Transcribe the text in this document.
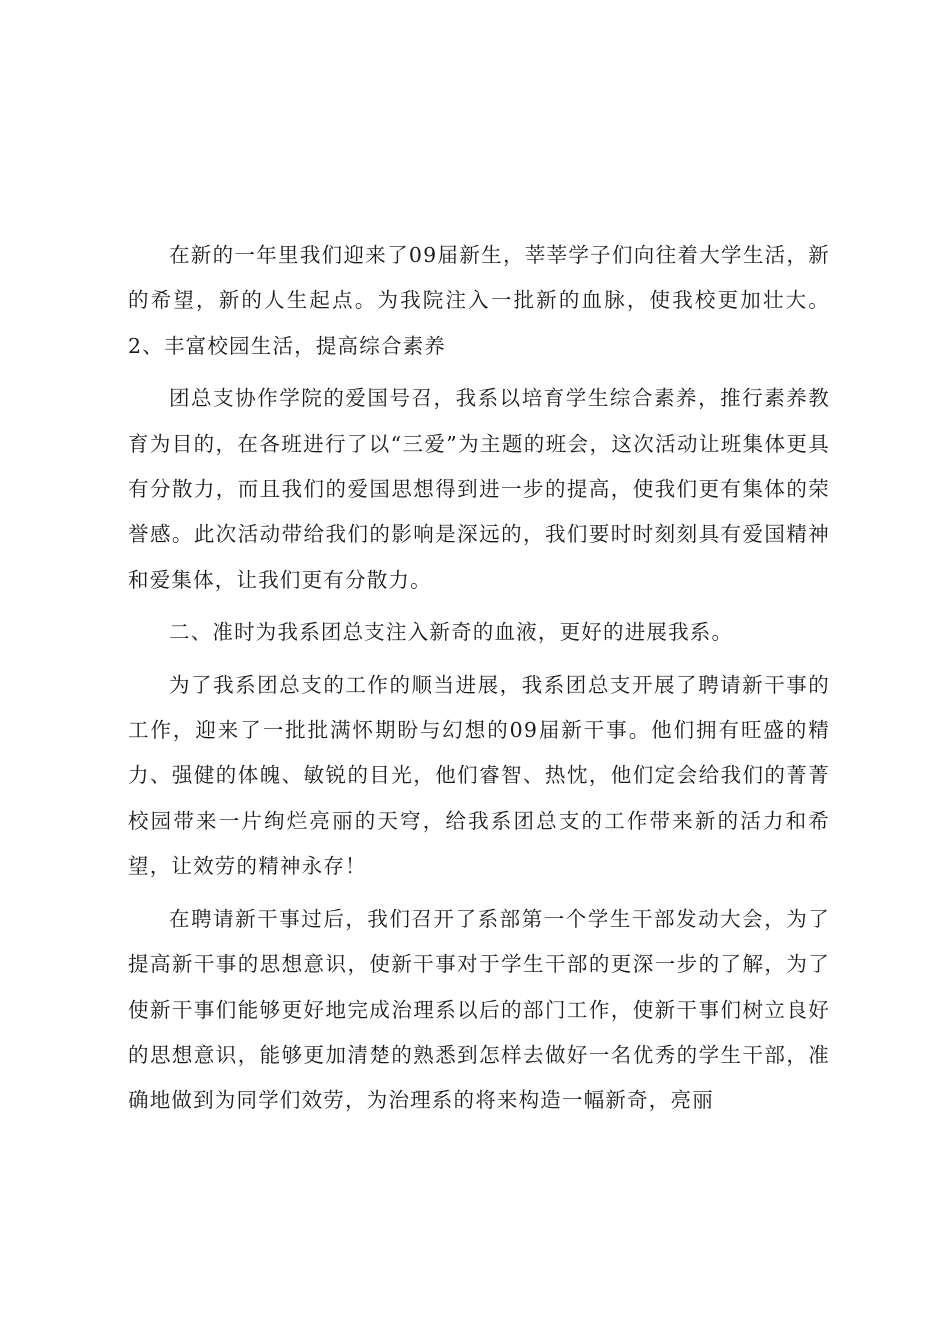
在新的一年里我们迎来了09届新生，莘莘学子们向往着大学生活，新的希望，新的人生起点。为我院注入一批新的血脉，使我校更加壮大。2、丰富校园生活，提高综合素养

团总支协作学院的爱国号召，我系以培育学生综合素养，推行素养教育为目的，在各班进行了以“三爱”为主题的班会，这次活动让班集体更具有分散力，而且我们的爱国思想得到进一步的提高，使我们更有集体的荣誉感。此次活动带给我们的影响是深远的，我们要时时刻刻具有爱国精神和爱集体，让我们更有分散力。

二、准时为我系团总支注入新奇的血液，更好的进展我系。

为了我系团总支的工作的顺当进展，我系团总支开展了聘请新干事的工作，迎来了一批批满怀期盼与幻想的09届新干事。他们拥有旺盛的精力、强健的体魄、敏锐的目光，他们睿智、热忱，他们定会给我们的菁菁校园带来一片绚烂亮丽的天穹，给我系团总支的工作带来新的活力和希望，让效劳的精神永存！

在聘请新干事过后，我们召开了系部第一个学生干部发动大会，为了提高新干事的思想意识，使新干事对于学生干部的更深一步的了解，为了使新干事们能够更好地完成治理系以后的部门工作，使新干事们树立良好的思想意识，能够更加清楚的熟悉到怎样去做好一名优秀的学生干部，准确地做到为同学们效劳，为治理系的将来构造一幅新奇，亮丽
